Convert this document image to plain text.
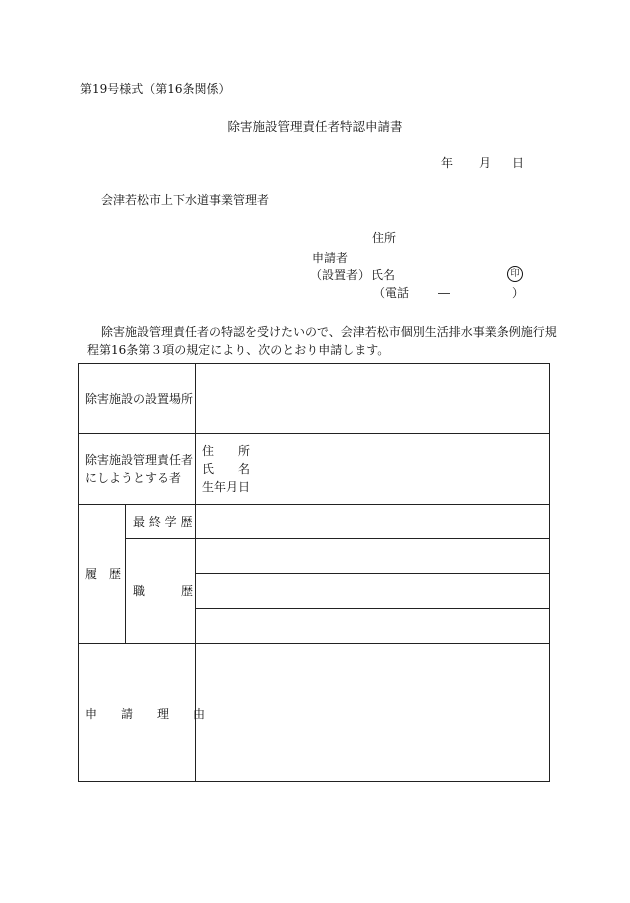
第19号様式（第16条関係）
除害施設管理責任者特認申請書
年 月 日
会津若松市上下水道事業管理者
住所
申請者
（設置者） 氏名	印
（電話 ―	）
除害施設管理責任者の特認を受けたいので、会津若松市個別生活排水事業条例施行規
程第16条第３項の規定により、次のとおり申請します。
除害施設の設置場所
除害施設管理責任者
にしようとする者
住　　所
氏　　名
生年月日
履　歴
最 終 学 歴
職　　　歴
申　　請　　理　　由
